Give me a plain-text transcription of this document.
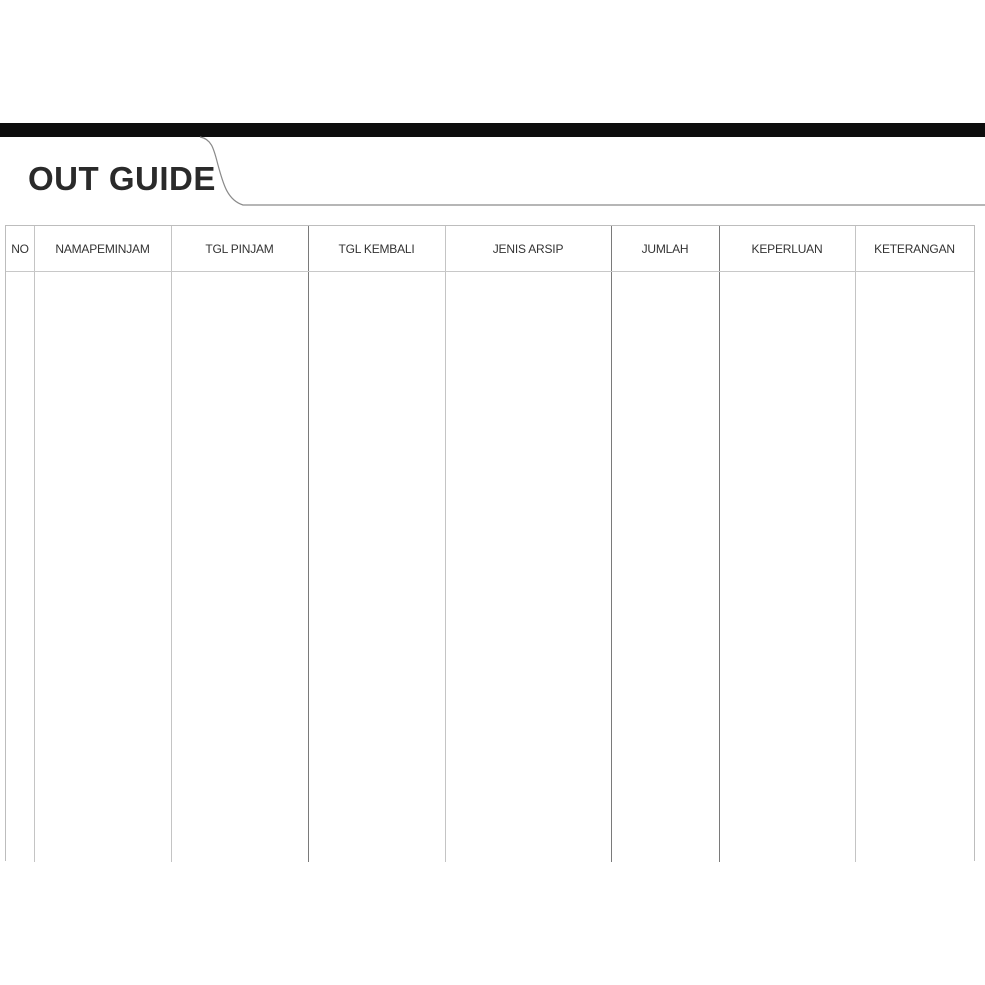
OUT GUIDE
NO	NAMAPEMINJAM	TGL PINJAM	TGL KEMBALI	JENIS ARSIP	JUMLAH	KEPERLUAN	KETERANGAN
